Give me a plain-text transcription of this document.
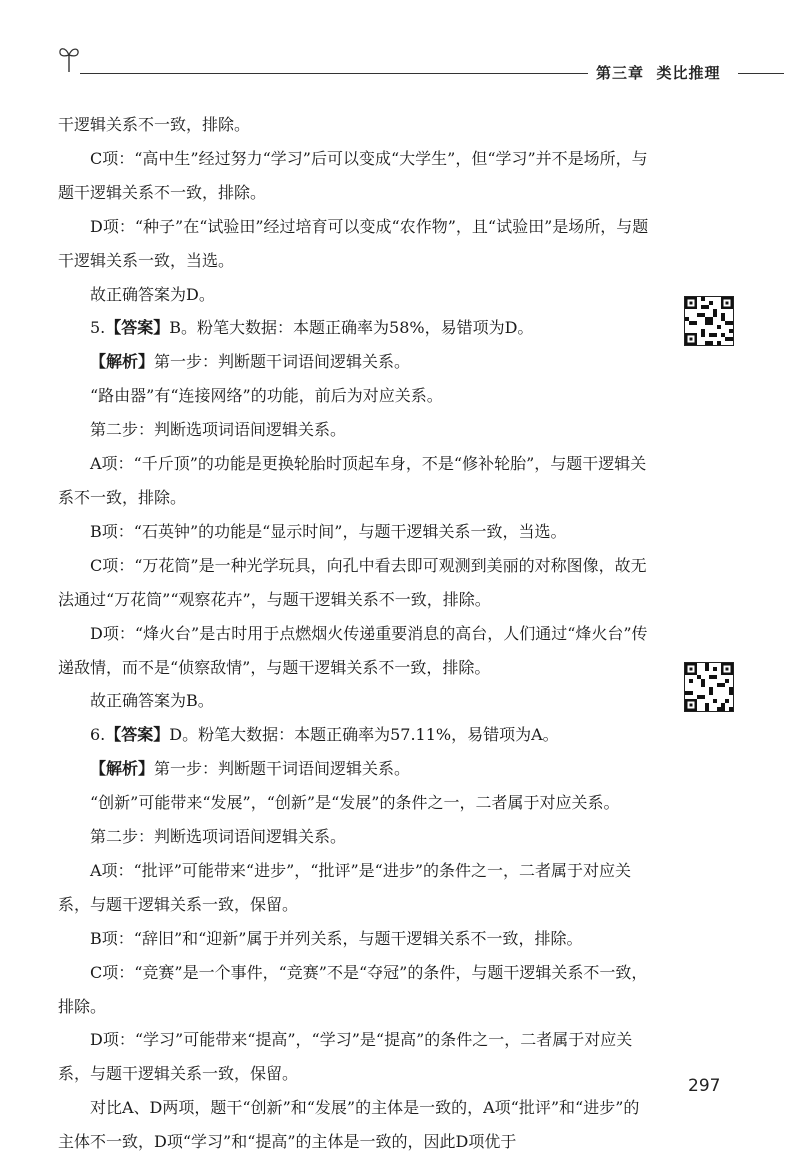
第三章 类比推理

干逻辑关系不一致，排除。

C项：“高中生”经过努力“学习”后可以变成“大学生”，但“学习”并不是场所，与题干逻辑关系不一致，排除。

D项：“种子”在“试验田”经过培育可以变成“农作物”，且“试验田”是场所，与题干逻辑关系一致，当选。

故正确答案为D。

5.【答案】B。粉笔大数据：本题正确率为58%，易错项为D。

【解析】第一步：判断题干词语间逻辑关系。

“路由器”有“连接网络”的功能，前后为对应关系。

第二步：判断选项词语间逻辑关系。

A项：“千斤顶”的功能是更换轮胎时顶起车身，不是“修补轮胎”，与题干逻辑关系不一致，排除。

B项：“石英钟”的功能是“显示时间”，与题干逻辑关系一致，当选。

C项：“万花筒”是一种光学玩具，向孔中看去即可观测到美丽的对称图像，故无法通过“万花筒”“观察花卉”，与题干逻辑关系不一致，排除。

D项：“烽火台”是古时用于点燃烟火传递重要消息的高台，人们通过“烽火台”传递敌情，而不是“侦察敌情”，与题干逻辑关系不一致，排除。

故正确答案为B。

6.【答案】D。粉笔大数据：本题正确率为57.11%，易错项为A。

【解析】第一步：判断题干词语间逻辑关系。

“创新”可能带来“发展”，“创新”是“发展”的条件之一，二者属于对应关系。

第二步：判断选项词语间逻辑关系。

A项：“批评”可能带来“进步”，“批评”是“进步”的条件之一，二者属于对应关系，与题干逻辑关系一致，保留。

B项：“辞旧”和“迎新”属于并列关系，与题干逻辑关系不一致，排除。

C项：“竞赛”是一个事件，“竞赛”不是“夺冠”的条件，与题干逻辑关系不一致，排除。

D项：“学习”可能带来“提高”，“学习”是“提高”的条件之一，二者属于对应关系，与题干逻辑关系一致，保留。

对比A、D两项，题干“创新”和“发展”的主体是一致的，A项“批评”和“进步”的主体不一致，D项“学习”和“提高”的主体是一致的，因此D项优于

297
